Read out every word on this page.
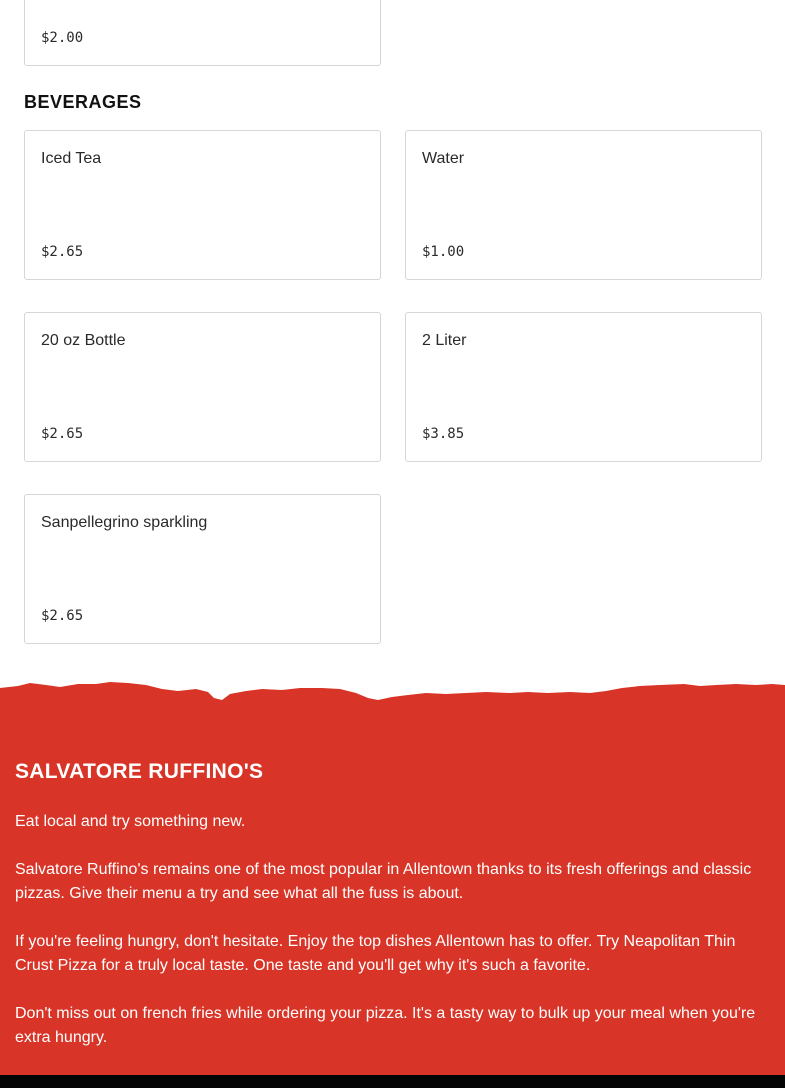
$2.00
BEVERAGES
Iced Tea
$2.65
Water
$1.00
20 oz Bottle
$2.65
2 Liter
$3.85
Sanpellegrino sparkling
$2.65
SALVATORE RUFFINO'S

Eat local and try something new.

Salvatore Ruffino's remains one of the most popular in Allentown thanks to its fresh offerings and classic pizzas. Give their menu a try and see what all the fuss is about.

If you're feeling hungry, don't hesitate. Enjoy the top dishes Allentown has to offer. Try Neapolitan Thin Crust Pizza for a truly local taste. One taste and you'll get why it's such a favorite.

Don't miss out on french fries while ordering your pizza. It's a tasty way to bulk up your meal when you're extra hungry.
